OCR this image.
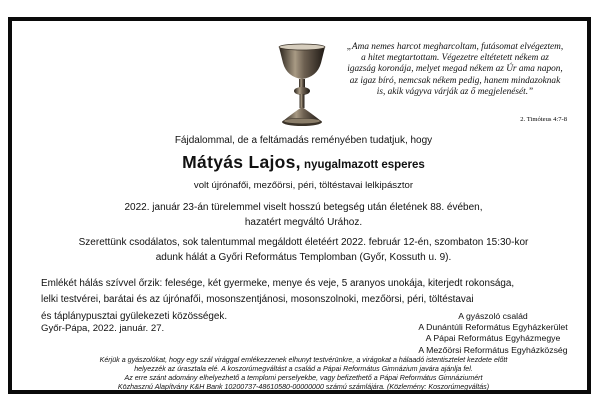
„Ama nemes harcot megharcoltam, futásomat elvégeztem,
a hitet megtartottam. Végezetre eltétetett nékem az
igazság koronája, melyet megad nékem az Úr ama napon,
az igaz bíró, nemcsak nékem pedig, hanem mindazoknak
is, akik vágyva várják az ő megjelenését.”
2. Timóteus 4:7-8
Fájdalommal, de a feltámadás reményében tudatjuk, hogy
Mátyás Lajos, nyugalmazott esperes
volt újrónafői, mezőörsi, péri, töltéstavai lelkipásztor
2022. január 23-án türelemmel viselt hosszú betegség után életének 88. évében,
hazatért megváltó Urához.
Szerettünk csodálatos, sok talentummal megáldott életéért 2022. február 12-én, szombaton 15:30-kor
adunk hálát a Győri Református Templomban (Győr, Kossuth u. 9).
Emlékét hálás szívvel őrzik: felesége, két gyermeke, menye és veje, 5 aranyos unokája, kiterjedt rokonsága,
lelki testvérei, barátai és az újrónafői, mosonszentjánosi, mosonszolnoki, mezőörsi, péri, töltéstavai
és táplánypusztai gyülekezeti közösségek.
Győr-Pápa, 2022. január. 27.
A gyászoló család
A Dunántúli Református Egyházkerület
A Pápai Református Egyházmegye
A Mezőörsi Református Egyházközség
Kérjük a gyászolókat, hogy egy szál virággal emlékezzenek elhunyt testvérünkre, a virágokat a hálaadó istentisztelet kezdete előtt
helyezzék az úrasztala elé. A koszorúmegváltást a család a Pápai Református Gimnázium javára ajánlja fel.
Az erre szánt adomány elhelyezhető a templomi perselyekbe, vagy befizethető a Pápai Református Gimnáziumért
Közhasznú Alapítvány K&H Bank 10200737-48610580-00000000 számú számlájára. (Közlemény: Koszorúmegváltás)
